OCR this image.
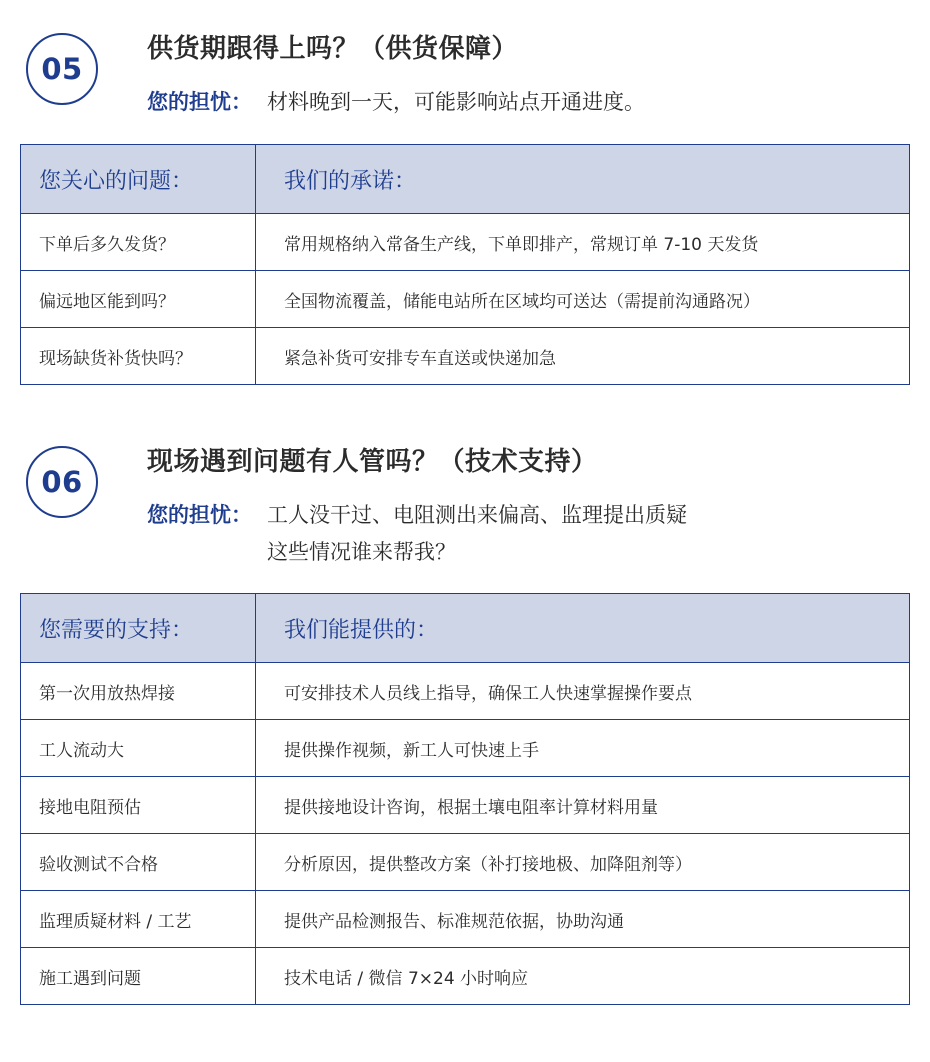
05
供货期跟得上吗？（供货保障）
您的担忧： 材料晚到一天，可能影响站点开通进度。
您关心的问题：	我们的承诺：
下单后多久发货？	常用规格纳入常备生产线，下单即排产，常规订单 7-10 天发货
偏远地区能到吗？	全国物流覆盖，储能电站所在区域均可送达（需提前沟通路况）
现场缺货补货快吗？	紧急补货可安排专车直送或快递加急
06
现场遇到问题有人管吗？（技术支持）
您的担忧： 工人没干过、电阻测出来偏高、监理提出质疑
这些情况谁来帮我？
您需要的支持：	我们能提供的：
第一次用放热焊接	可安排技术人员线上指导，确保工人快速掌握操作要点
工人流动大	提供操作视频，新工人可快速上手
接地电阻预估	提供接地设计咨询，根据土壤电阻率计算材料用量
验收测试不合格	分析原因，提供整改方案（补打接地极、加降阻剂等）
监理质疑材料 / 工艺	提供产品检测报告、标准规范依据，协助沟通
施工遇到问题	技术电话 / 微信 7×24 小时响应
